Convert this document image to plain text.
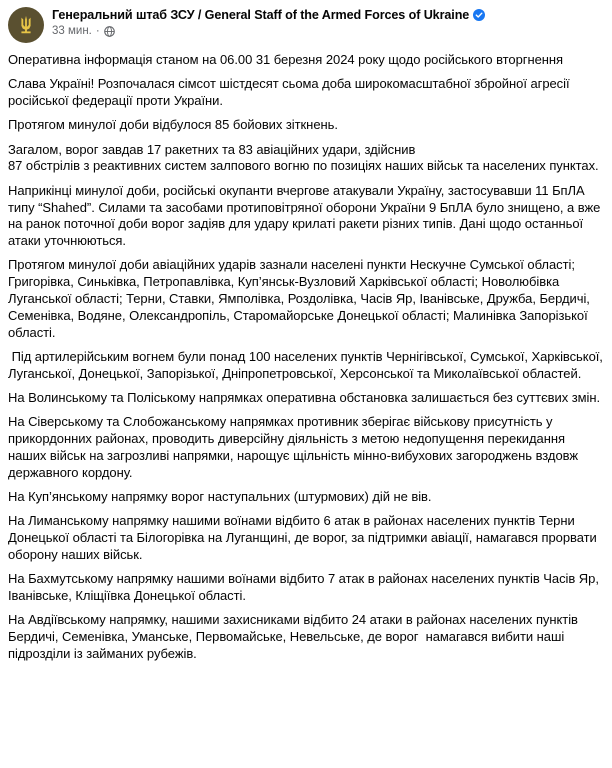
Генеральний штаб ЗСУ / General Staff of the Armed Forces of Ukraine
33 мин. ·

Оперативна інформація станом на 06.00 31 березня 2024 року щодо російського вторгнення

Слава Україні! Розпочалася сімсот шістдесят сьома доба широкомасштабної збройної агресії російської федерації проти України.

Протягом минулої доби відбулося 85 бойових зіткнень.

Загалом, ворог завдав 17 ракетних та 83 авіаційних удари, здійснив
87 обстрілів з реактивних систем залпового вогню по позиціях наших військ та населених пунктах.

Наприкінці минулої доби, російські окупанти вчергове атакували Україну, застосувавши 11 БпЛА типу “Shahed”. Силами та засобами протиповітряної оборони України 9 БпЛА було знищено, а вже на ранок поточної доби ворог задіяв для удару крилаті ракети різних типів. Дані щодо останньої атаки уточнюються.

Протягом минулої доби авіаційних ударів зазнали населені пункти Нескучне Сумської області; Григорівка, Синьківка, Петропавлівка, Куп’янськ-Вузловий Харківської області; Новолюбівка Луганської області; Терни, Ставки, Ямполівка, Роздолівка, Часів Яр, Іванівське, Дружба, Бердичі, Семенівка, Водяне, Олександропіль, Старомайорське Донецької області; Малинівка Запорізької області.

Під артилерійським вогнем були понад 100 населених пунктів Чернігівської, Сумської, Харківської, Луганської, Донецької, Запорізької, Дніпропетровської, Херсонської та Миколаївської областей.

На Волинському та Поліському напрямках оперативна обстановка залишається без суттєвих змін.

На Сіверському та Слобожанському напрямках противник зберігає військову присутність у прикордонних районах, проводить диверсійну діяльність з метою недопущення перекидання наших військ на загрозливі напрямки, нарощує щільність мінно-вибухових загороджень вздовж державного кордону.

На Куп’янському напрямку ворог наступальних (штурмових) дій не вів.

На Лиманському напрямку нашими воїнами відбито 6 атак в районах населених пунктів Терни Донецької області та Білогорівка на Луганщині, де ворог, за підтримки авіації, намагався прорвати оборону наших військ.

На Бахмутському напрямку нашими воїнами відбито 7 атак в районах населених пунктів Часів Яр, Іванівське, Кліщіївка Донецької області.

На Авдіївському напрямку, нашими захисниками відбито 24 атаки в районах населених пунктів Бердичі, Семенівка, Уманське, Первомайське, Невельське, де ворог  намагався вибити наші підрозділи із займаних рубежів.
